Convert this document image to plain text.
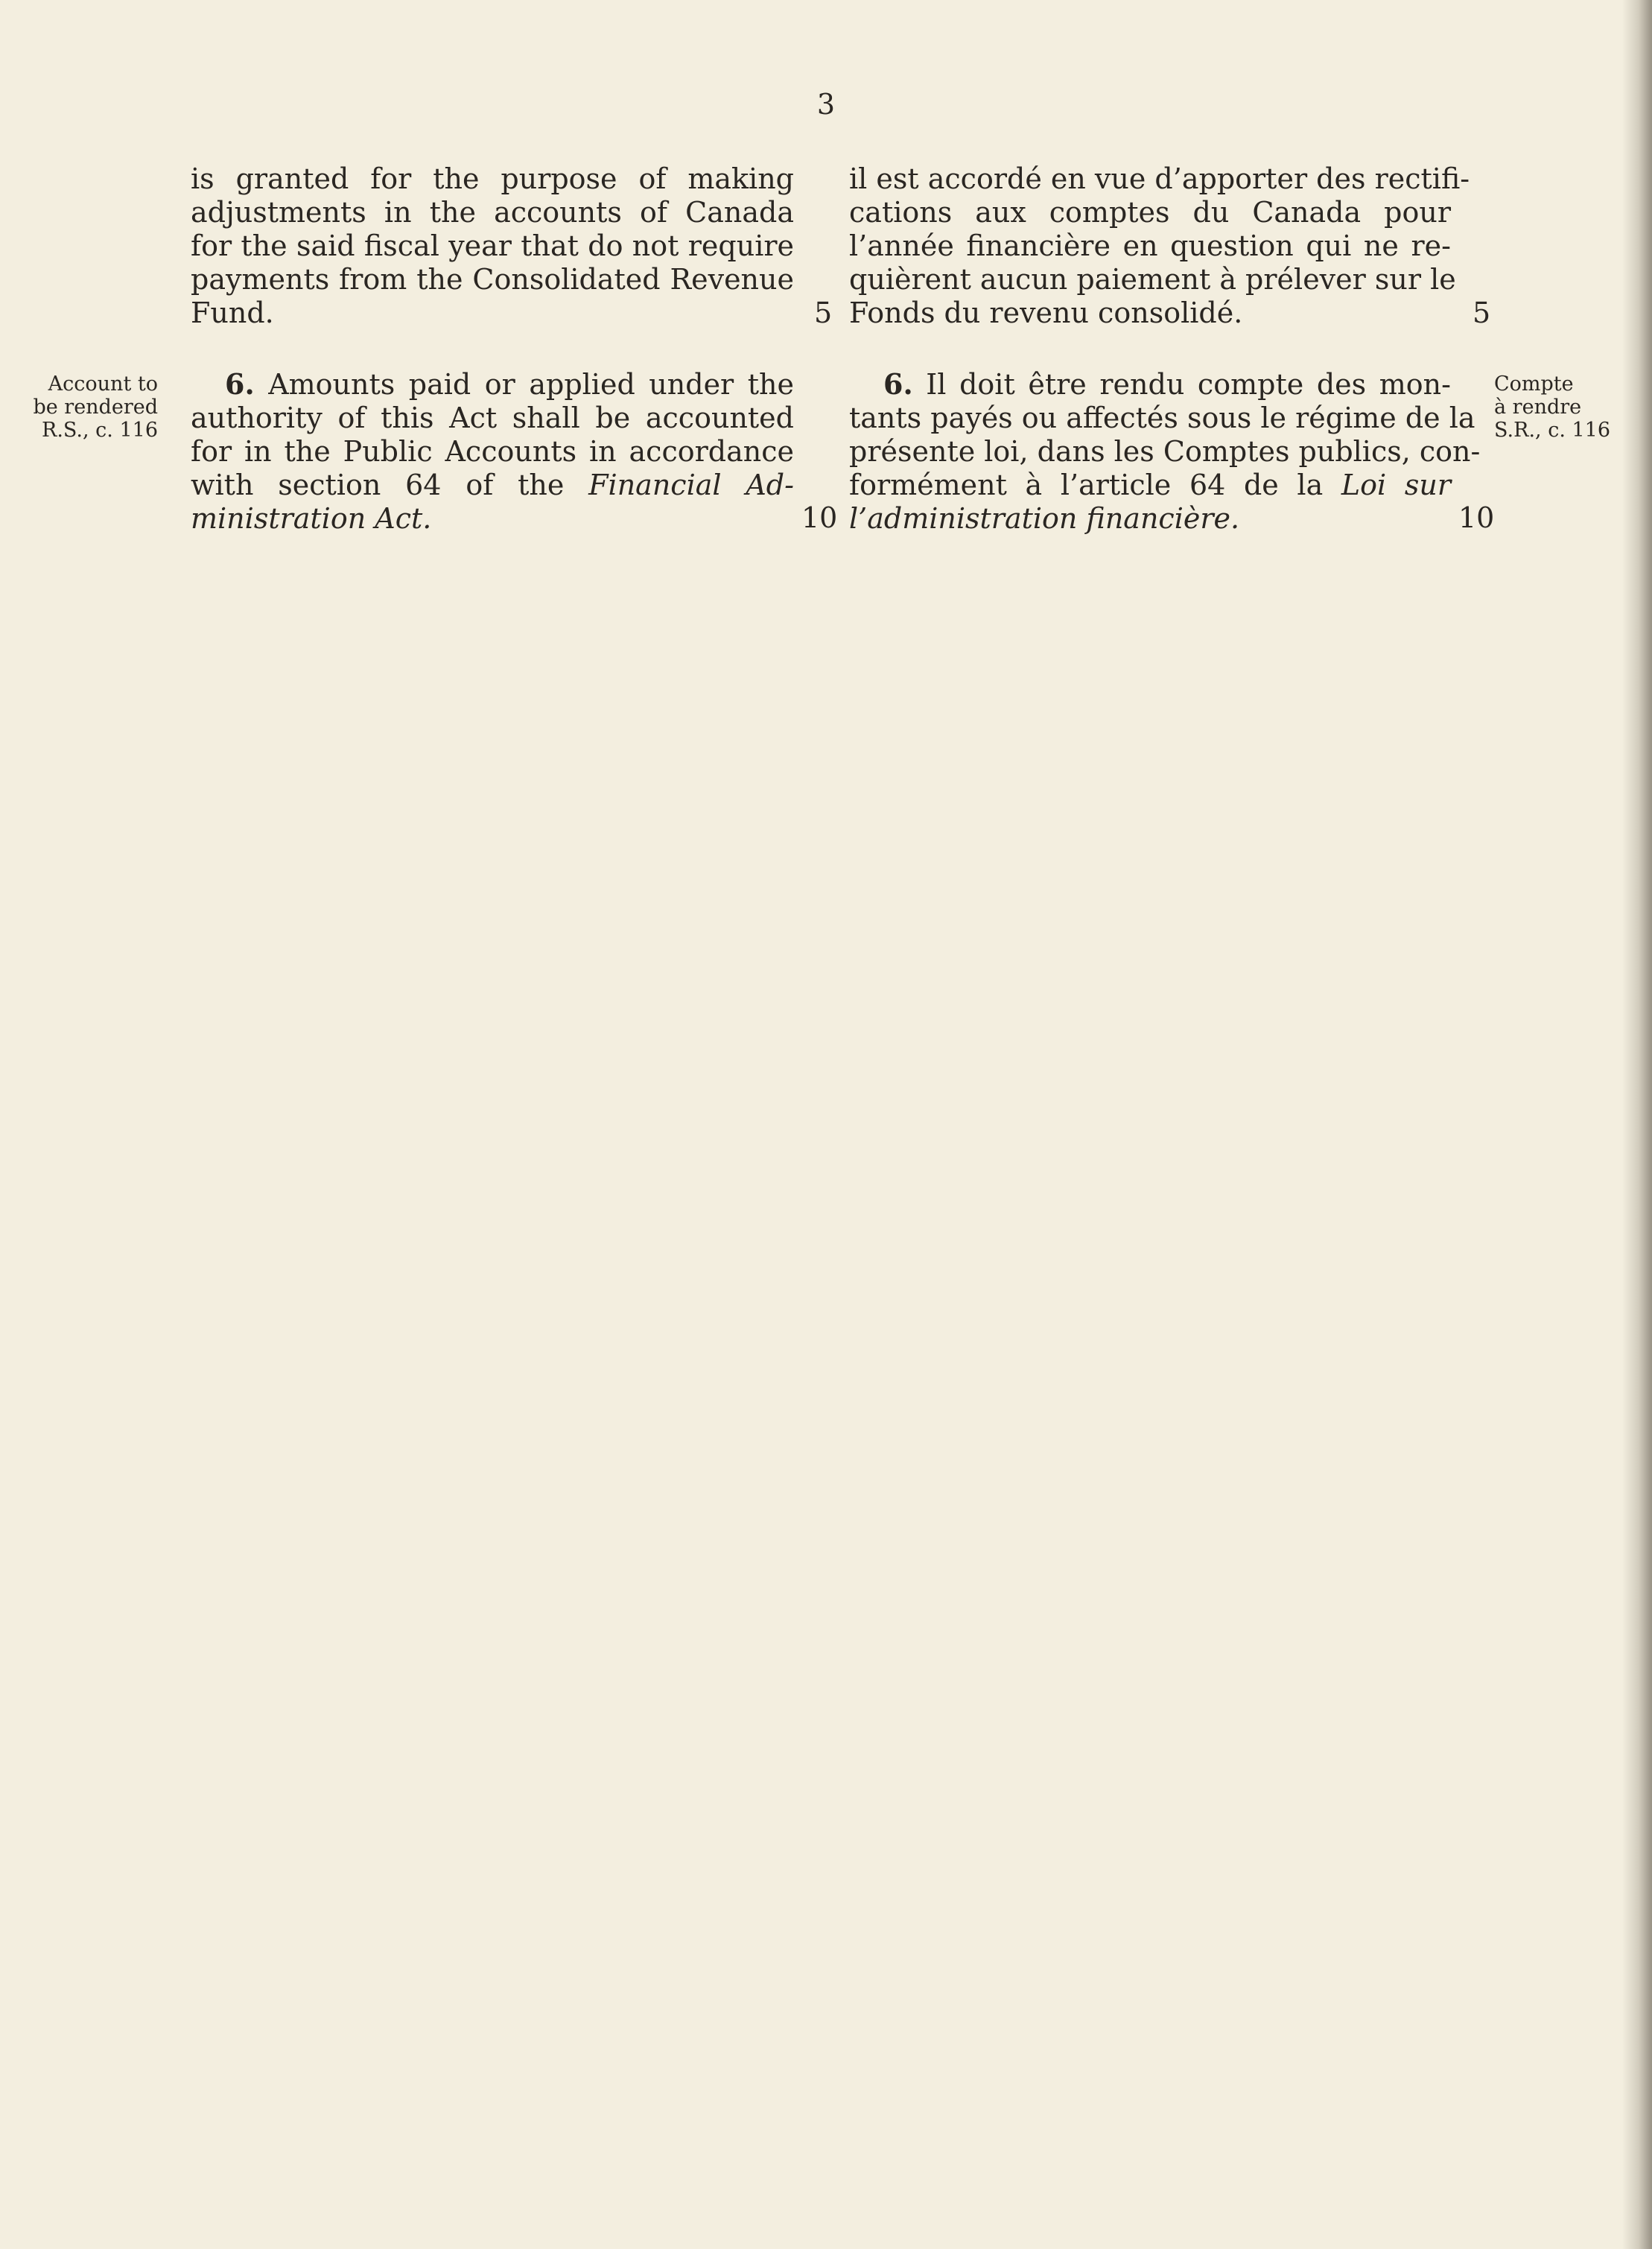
3
is granted for the purpose of making
adjustments in the accounts of Canada
for the said fiscal year that do not require
payments from the Consolidated Revenue
Fund.	5
il est accordé en vue d’apporter des rectifi-
cations aux comptes du Canada pour
l’année financière en question qui ne re-
quièrent aucun paiement à prélever sur le
Fonds du revenu consolidé.	5
Account to
be rendered
R.S., c. 116
Compte
à rendre
S.R., c. 116
6. Amounts paid or applied under the
authority of this Act shall be accounted
for in the Public Accounts in accordance
with section 64 of the Financial Ad-
ministration Act.	10
6. Il doit être rendu compte des mon-
tants payés ou affectés sous le régime de la
présente loi, dans les Comptes publics, con-
formément à l’article 64 de la Loi sur
l’administration financière.	10
